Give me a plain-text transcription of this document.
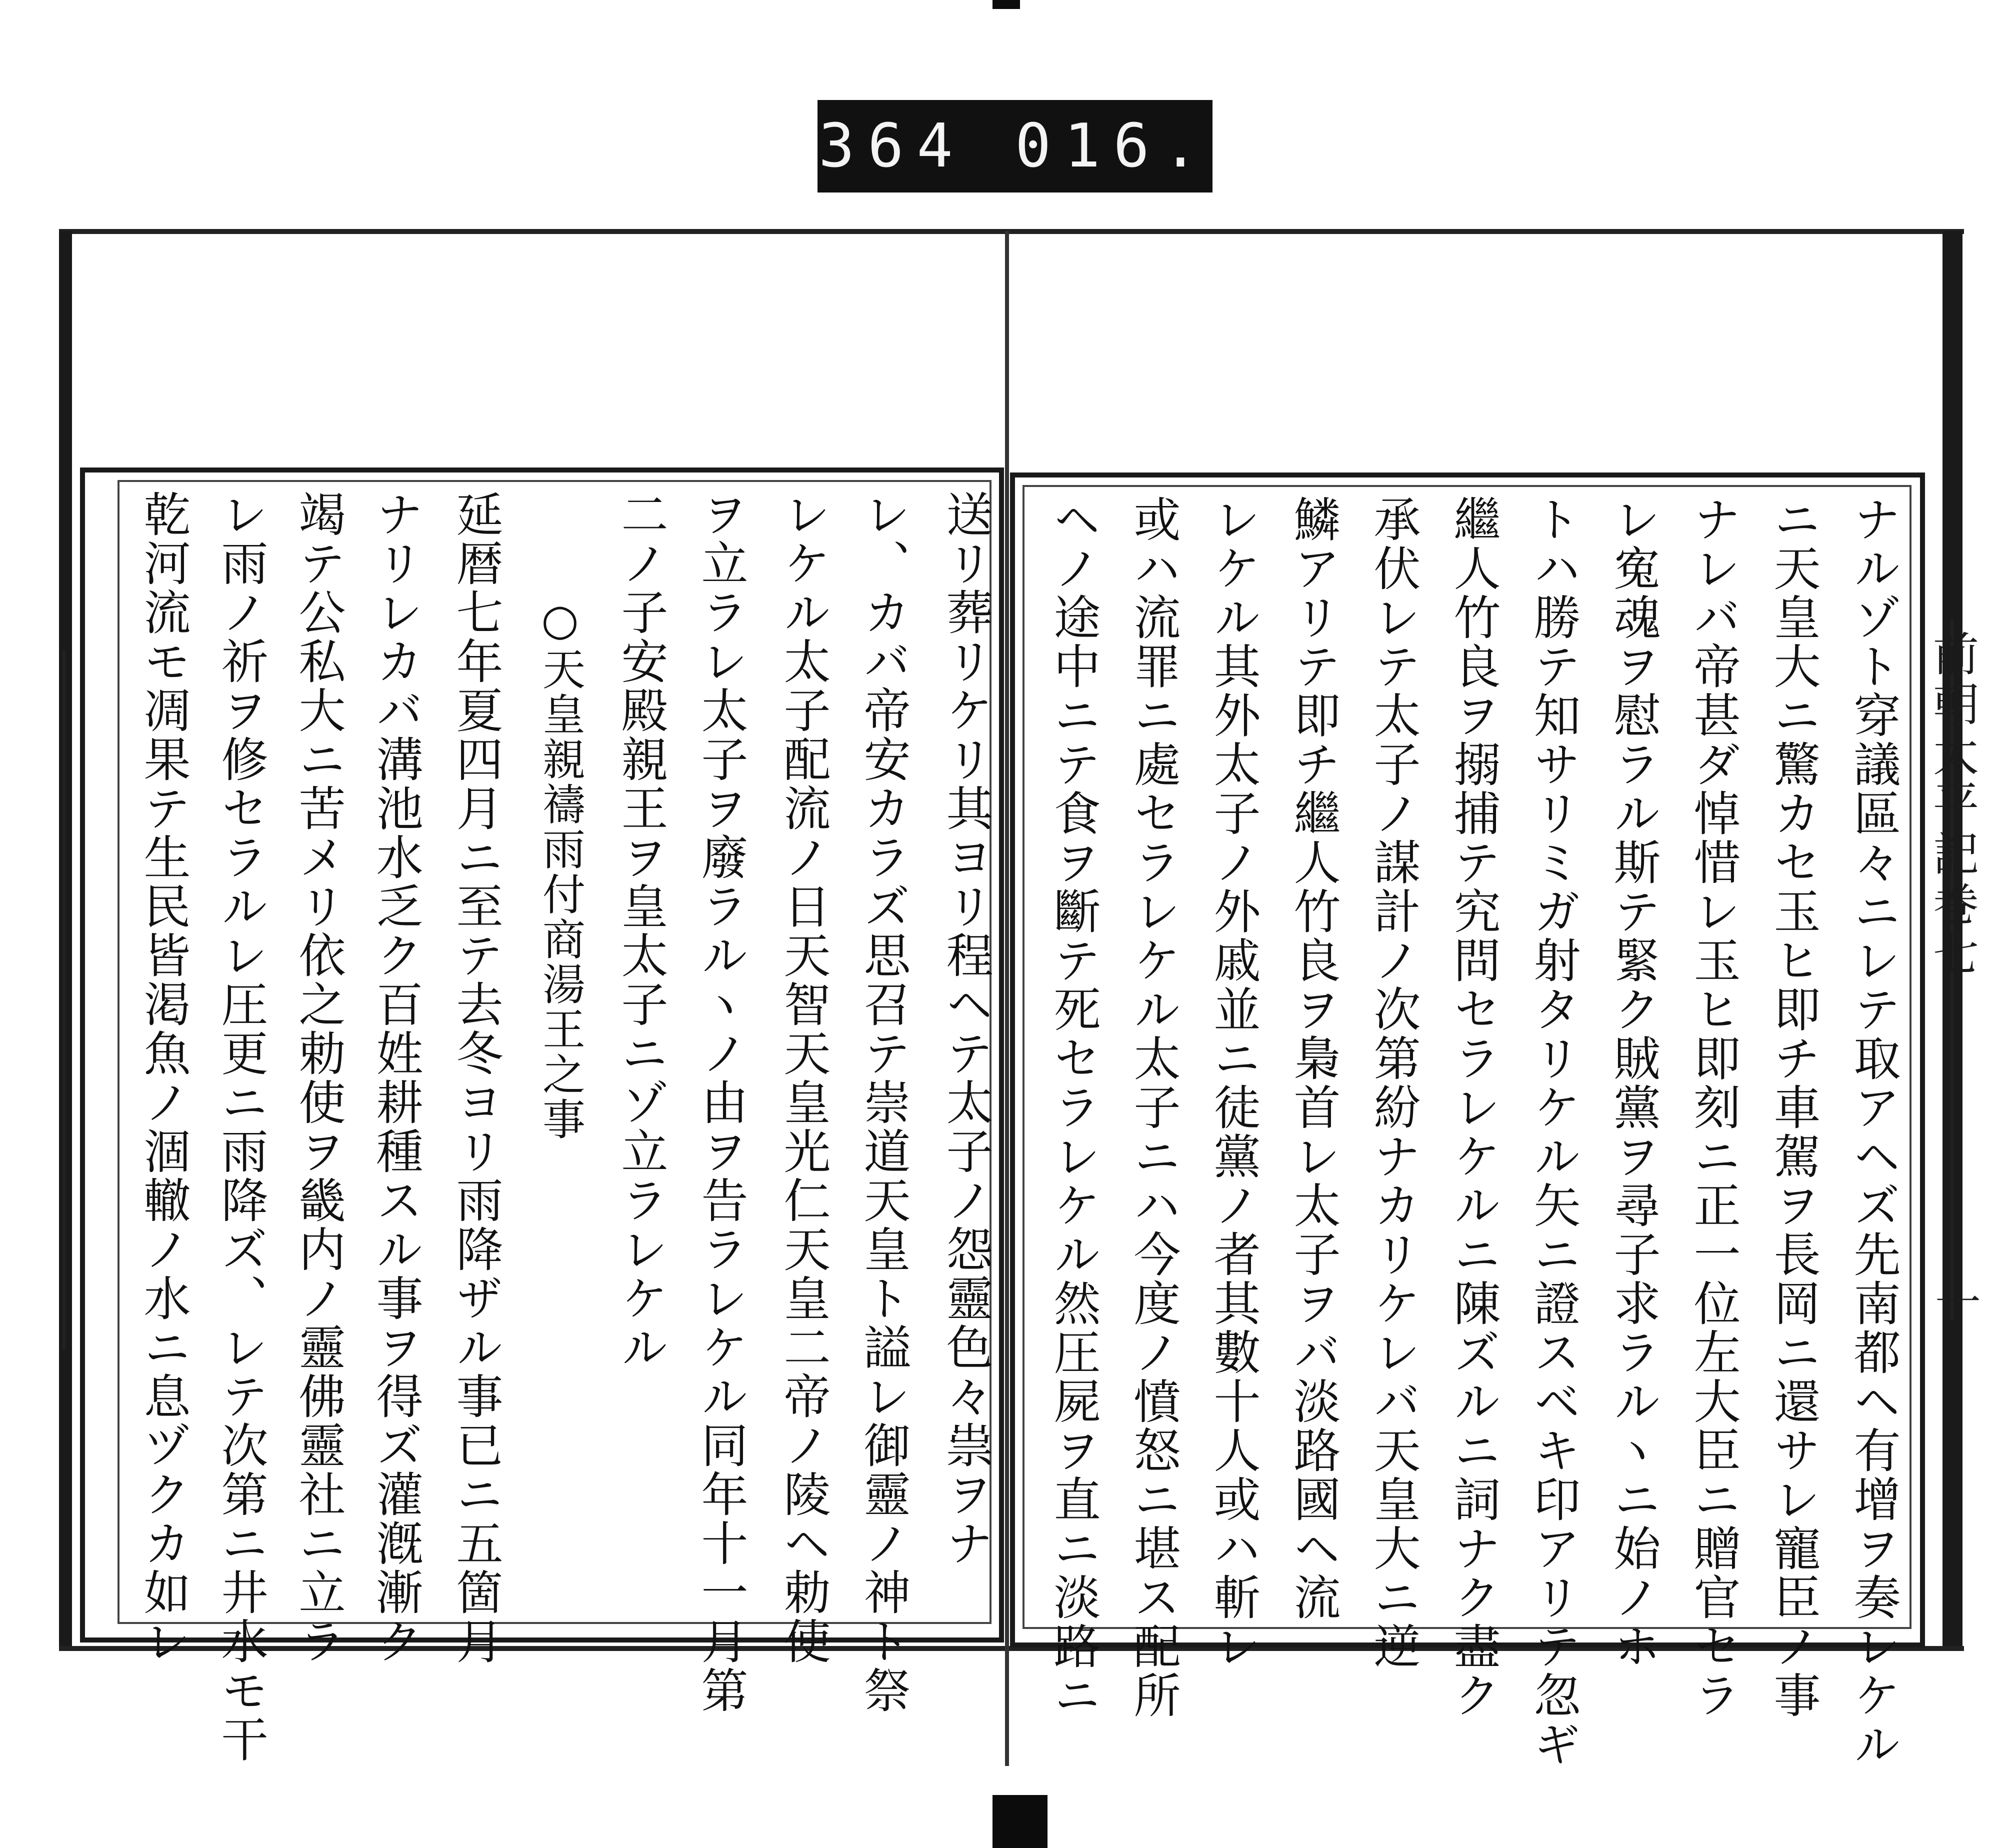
364 016.
前朝太平記巻七
十
送リ葬リケリ其ヨリ程ヘテ太子ノ怨靈色々祟ヲナ
レ、カバ帝安カラズ思召テ崇道天皇ト謚レ御靈ノ神ト祭
レケル太子配流ノ日天智天皇光仁天皇二帝ノ陵ヘ勅使
ヲ立ラレ太子ヲ廢ラルヽノ由ヲ告ラレケル同年十一月第
二ノ子安殿親王ヲ皇太子ニゾ立ラレケル
○天皇親禱雨付商湯王之事
延暦七年夏四月ニ至テ去冬ヨリ雨降ザル事已ニ五箇月
ナリレカバ溝池水乏ク百姓耕種スル事ヲ得ズ灌漑漸ク
竭テ公私大ニ苦メリ依之勅使ヲ畿内ノ靈佛靈社ニ立ラ
レ雨ノ祈ヲ修セラルレ圧更ニ雨降ズ、レテ次第ニ井水モ干
乾河流モ凋果テ生民皆渇魚ノ涸轍ノ水ニ息ヅクカ如レ	ナルゾト穿議區々ニレテ取アヘズ先南都ヘ有增ヲ奏レケル
ニ天皇大ニ驚カセ玉ヒ即チ車駕ヲ長岡ニ還サレ寵臣ノ事
ナレバ帝甚ダ悼惜レ玉ヒ即刻ニ正一位左大臣ニ贈官セラ
レ寃魂ヲ慰ラル斯テ緊ク賊黨ヲ尋子求ラルヽニ始ノホ
トハ勝テ知サリミガ射タリケル矢ニ證スベキ印アリテ忽ギ
繼人竹良ヲ搦捕テ究問セラレケルニ陳ズルニ詞ナク盡ク
承伏レテ太子ノ謀計ノ次第紛ナカリケレバ天皇大ニ逆
鱗アリテ即チ繼人竹良ヲ梟首レ太子ヲバ淡路國ヘ流
レケル其外太子ノ外戚並ニ徒黨ノ者其數十人或ハ斬レ
或ハ流罪ニ處セラレケル太子ニハ今度ノ憤怒ニ堪ス配所
ヘノ途中ニテ食ヲ斷テ死セラレケル然圧屍ヲ直ニ淡路ニ
